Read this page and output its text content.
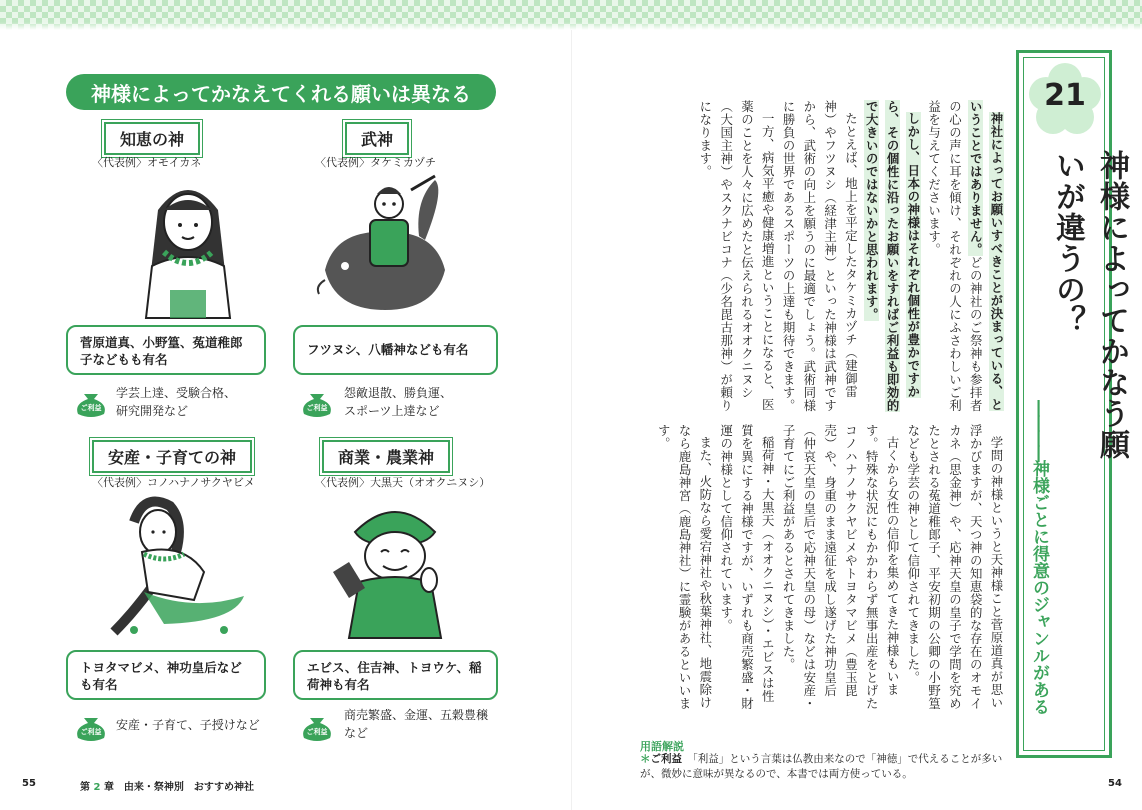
神様によってかなえてくれる願いは異なる
知恵の神
〈代表例〉オモイカネ
菅原道真、小野篁、菟道稚郎子などもも有名
ご利益
学芸上達、受験合格、
研究開発など
武神
〈代表例〉タケミカヅチ
フツヌシ、八幡神なども有名
ご利益
怨敵退散、勝負運、
スポーツ上達など
安産・子育ての神
〈代表例〉コノハナノサクヤビメ
トヨタマビメ、神功皇后なども有名
ご利益	安産・子育て、子授けなど
商業・農業神
〈代表例〉大黒天（オオクニヌシ）
エビス、住吉神、トヨウケ、稲荷神も有名
ご利益
商売繁盛、金運、五穀豊穣
など
55	第 2 章　由来・祭神別　おすすめ神社
21
神様によってかなう願いが違うの？
――――神様ごとに得意のジャンルがある

神社によってお願いすべきことが決まっている、ということではありません。どの神社のご祭神も参拝者の心の声に耳を傾け、それぞれの人にふさわしいご利益を与えてくださいます。

しかし、日本の神様はそれぞれ個性が豊かですから、その個性に沿ったお願いをすればご利益も即効的で大きいのではないかと思われます。

たとえば、地上を平定したタケミカヅチ（建御雷神）やフツヌシ（経津主神）といった神様は武神ですから、武術の向上を願うのに最適でしょう。武術同様に勝負の世界であるスポーツの上達も期待できます。

一方、病気平癒や健康増進ということになると、医薬のことを人々に広めたと伝えられるオオクニヌシ（大国主神）やスクナビコナ（少名毘古那神）が頼りになります。

学問の神様というと天神様こと菅原道真が思い浮かびますが、天つ神の知恵袋的な存在のオモイカネ（思金神）や、応神天皇の皇子で学問を究めたとされる菟道稚郎子、平安初期の公卿の小野篁なども学芸の神として信仰されてきました。

古くから女性の信仰を集めてきた神様もいます。特殊な状況にもかかわらず無事出産をとげたコノハナノサクヤビメやトヨタマビメ（豊玉毘売）や、身重のまま遠征を成し遂げた神功皇后（仲哀天皇の皇后で応神天皇の母）などは安産・子育てにご利益があるとされてきました。

稲荷神・大黒天（オオクニヌシ）・エビスは性質を異にする神様ですが、いずれも商売繁盛・財運の神様として信仰されています。

また、火防なら愛宕神社や秋葉神社、地震除けなら鹿島神宮（鹿島神社）に霊験があるといいます。

用語解説
＊ご利益　 「利益」という言葉は仏教由来なので「神徳」で代えることが多いが、微妙に意味が異なるので、本書では両方使っている。
54
